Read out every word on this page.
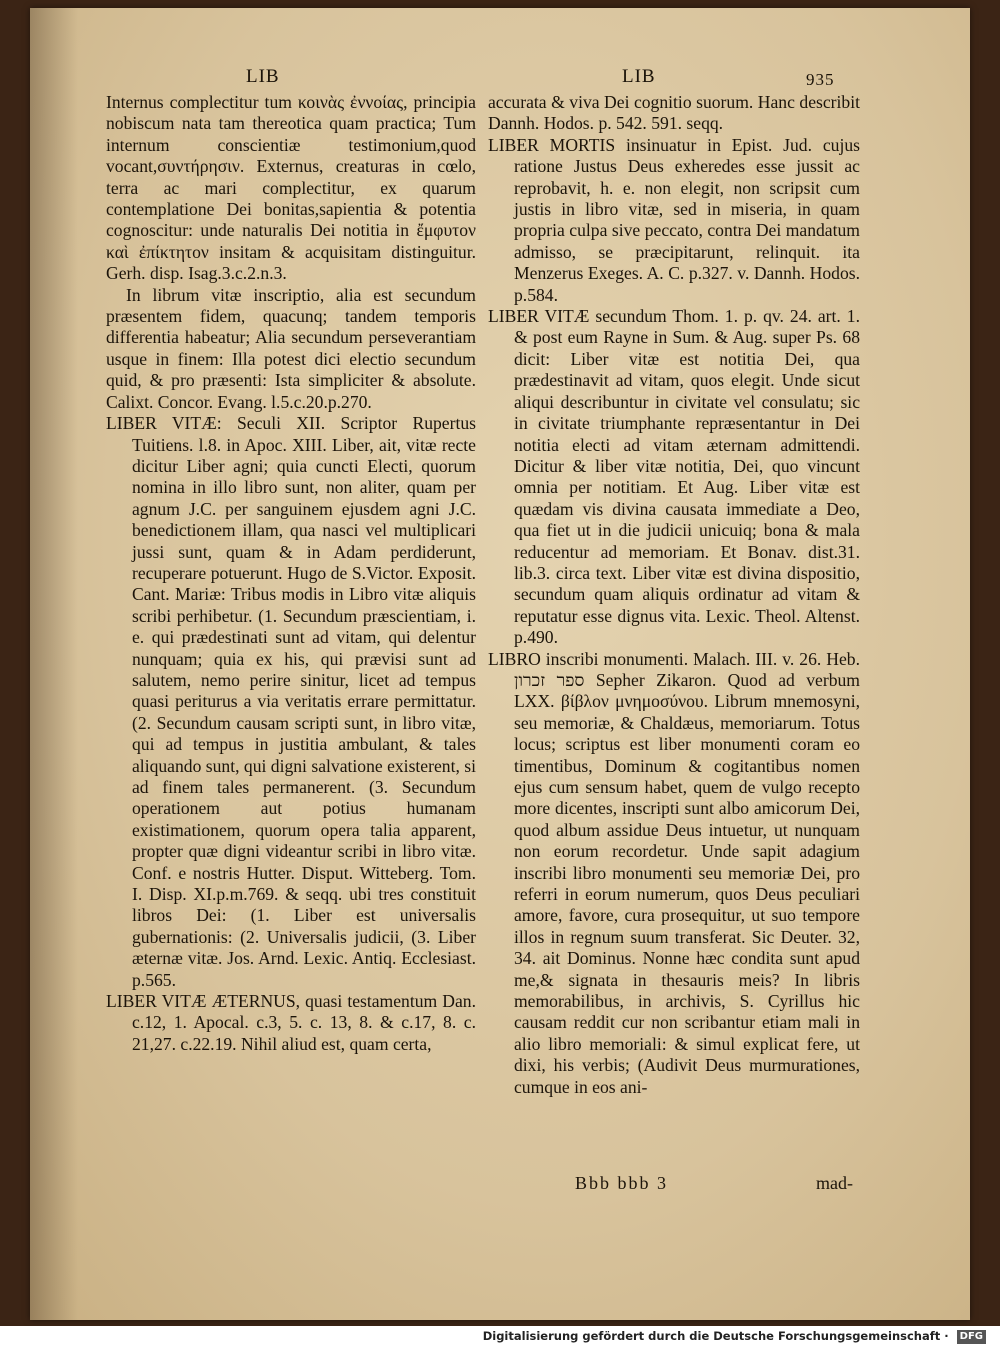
LIB	LIB	935

Internus complectitur tum κοινὰς ἐννοίας, principia nobiscum nata tam thereotica quam practica; Tum internum conscientiæ testimonium,quod vocant,συντήρησιν. Externus, creaturas in cœlo, terra ac mari complectitur, ex quarum contemplatione Dei bonitas,sapientia & potentia cognoscitur: unde naturalis Dei notitia in ἔμφυτον καὶ ἐπίκτητον insitam & acquisitam distinguitur. Gerh. disp. Isag.3.c.2.n.3.

In librum vitæ inscriptio, alia est secundum præsentem fidem, quacunq; tandem temporis differentia habeatur; Alia secundum perseverantiam usque in finem: Illa potest dici electio secundum quid, & pro præsenti: Ista simpliciter & absolute. Calixt. Concor. Evang. l.5.c.20.p.270.

LIBER VITÆ: Seculi XII. Scriptor Rupertus Tuitiens. l.8. in Apoc. XIII. Liber, ait, vitæ recte dicitur Liber agni; quia cuncti Electi, quorum nomina in illo libro sunt, non aliter, quam per agnum J.C. per sanguinem ejusdem agni J.C. benedictionem illam, qua nasci vel multiplicari jussi sunt, quam & in Adam perdiderunt, recuperare potuerunt. Hugo de S.Victor. Exposit. Cant. Mariæ: Tribus modis in Libro vitæ aliquis scribi perhibetur. (1. Secundum præscientiam, i. e. qui prædestinati sunt ad vitam, qui delentur nunquam; quia ex his, qui prævisi sunt ad salutem, nemo perire sinitur, licet ad tempus quasi periturus a via veritatis errare permittatur. (2. Secundum causam scripti sunt, in libro vitæ, qui ad tempus in justitia ambulant, & tales aliquando sunt, qui digni salvatione existerent, si ad finem tales permanerent. (3. Secundum operationem aut potius humanam existimationem, quorum opera talia apparent, propter quæ digni videantur scribi in libro vitæ. Conf. e nostris Hutter. Disput. Witteberg. Tom. I. Disp. XI.p.m.769. & seqq. ubi tres constituit libros Dei: (1. Liber est universalis gubernationis: (2. Universalis judicii, (3. Liber æternæ vitæ. Jos. Arnd. Lexic. Antiq. Ecclesiast. p.565.

LIBER VITÆ ÆTERNUS, quasi testamentum Dan. c.12, 1. Apocal. c.3, 5. c. 13, 8. & c.17, 8. c. 21,27. c.22.19. Nihil aliud est, quam certa,

accurata & viva Dei cognitio suorum. Hanc describit Dannh. Hodos. p. 542. 591. seqq.

LIBER MORTIS insinuatur in Epist. Jud. cujus ratione Justus Deus exheredes esse jussit ac reprobavit, h. e. non elegit, non scripsit cum justis in libro vitæ, sed in miseria, in quam propria culpa sive peccato, contra Dei mandatum admisso, se præcipitarunt, relinquit. ita Menzerus Exeges. A. C. p.327. v. Dannh. Hodos. p.584.

LIBER VITÆ secundum Thom. 1. p. qv. 24. art. 1. & post eum Rayne in Sum. & Aug. super Ps. 68 dicit: Liber vitæ est notitia Dei, qua prædestinavit ad vitam, quos elegit. Unde sicut aliqui describuntur in civitate vel consulatu; sic in civitate triumphante repræsentantur in Dei notitia electi ad vitam æternam admittendi. Dicitur & liber vitæ notitia, Dei, quo vincunt omnia per notitiam. Et Aug. Liber vitæ est quædam vis divina causata immediate a Deo, qua fiet ut in die judicii unicuiq; bona & mala reducentur ad memoriam. Et Bonav. dist.31. lib.3. circa text. Liber vitæ est divina dispositio, secundum quam aliquis ordinatur ad vitam & reputatur esse dignus vita. Lexic. Theol. Altenst. p.490.

LIBRO inscribi monumenti. Malach. III. v. 26. Heb. ספר זכרון Sepher Zikaron. Quod ad verbum LXX. βίβλον μνημοσύνου. Librum mnemosyni, seu memoriæ, & Chaldæus, memoriarum. Totus locus; scriptus est liber monumenti coram eo timentibus, Dominum & cogitantibus nomen ejus cum sensum habet, quem de vulgo recepto more dicentes, inscripti sunt albo amicorum Dei, quod album assidue Deus intuetur, ut nunquam non eorum recordetur. Unde sapit adagium inscribi libro monumenti seu memoriæ Dei, pro referri in eorum numerum, quos Deus peculiari amore, favore, cura prosequitur, ut suo tempore illos in regnum suum transferat. Sic Deuter. 32, 34. ait Dominus. Nonne hæc condita sunt apud me,& signata in thesauris meis? In libris memorabilibus, in archivis, S. Cyrillus hic causam reddit cur non scribantur etiam mali in alio libro memoriali: & simul explicat fere, ut dixi, his verbis; (Audivit Deus murmurationes, cumque in eos ani-

Bbb bbb 3	mad-
Digitalisierung gefördert durch die Deutsche Forschungsgemeinschaft · DFG
